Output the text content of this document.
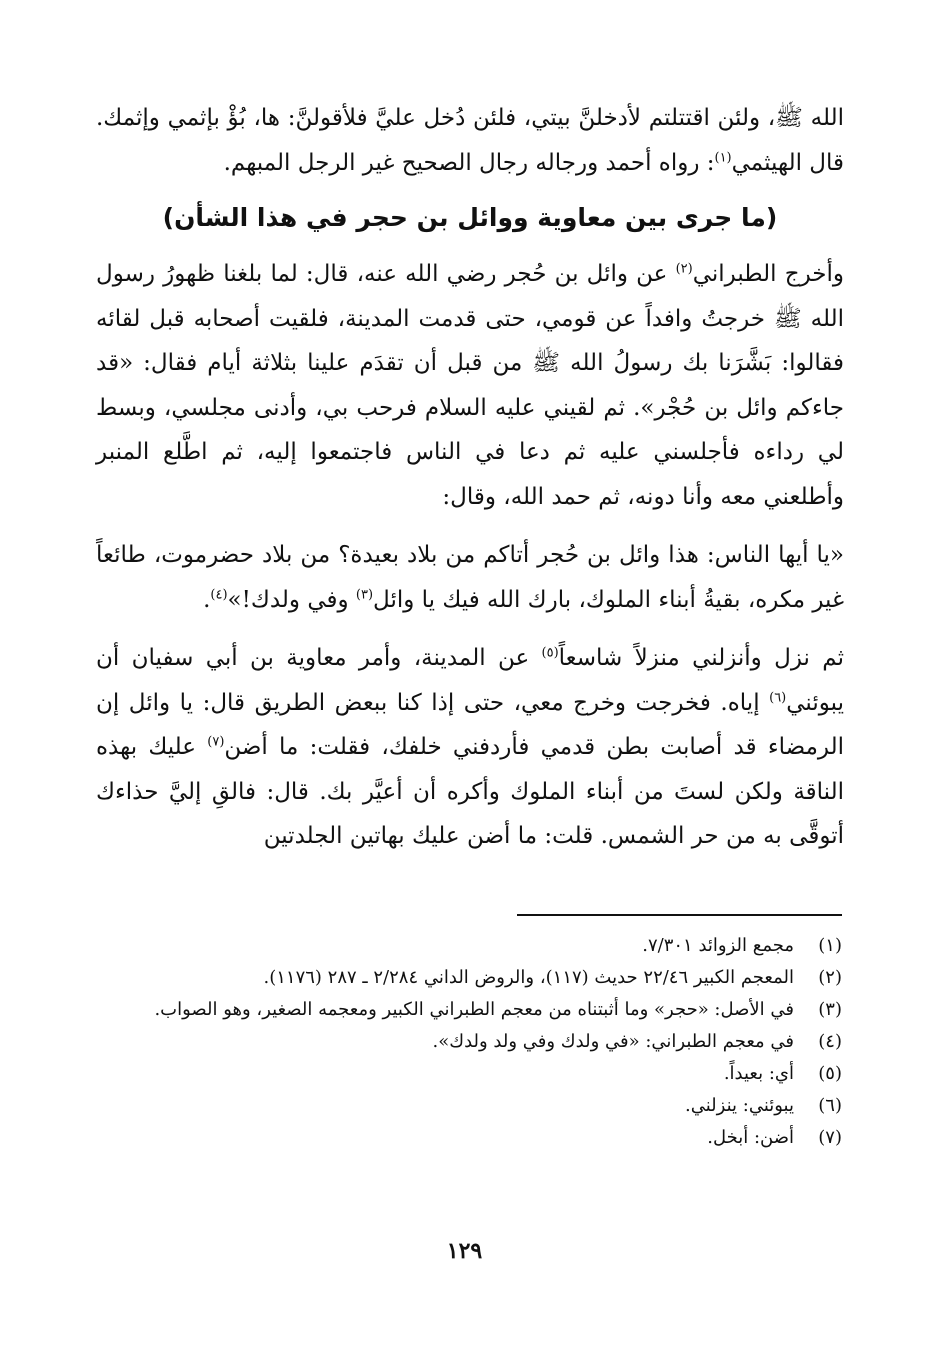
الله ﷺ، ولئن اقتتلتم لأدخلنَّ بيتي، فلئن دُخل عليَّ فلأقولنَّ: ها، بُؤْ بإثمي وإثمك. قال الهيثمي$^{(١)}$: رواه أحمد ورجاله رجال الصحيح غير الرجل المبهم.

(ما جرى بين معاوية ووائل بن حجر في هذا الشأن)

وأخرج الطبراني$^{(٢)}$ عن وائل بن حُجر رضي الله عنه، قال: لما بلغنا ظهورُ رسول الله ﷺ خرجتُ وافداً عن قومي، حتى قدمت المدينة، فلقيت أصحابه قبل لقائه فقالوا: بَشَّرَنا بك رسولُ الله ﷺ من قبل أن تقدَم علينا بثلاثة أيام فقال: «قد جاءكم وائل بن حُجْر». ثم لقيني عليه السلام فرحب بي، وأدنى مجلسي، وبسط لي رداءه فأجلسني عليه ثم دعا في الناس فاجتمعوا إليه، ثم اطَّلع المنبر وأطلعني معه وأنا دونه، ثم حمد الله، وقال:

«يا أيها الناس: هذا وائل بن حُجر أتاكم من بلاد بعيدة؟ من بلاد حضرموت، طائعاً غير مكره، بقيةُ أبناء الملوك، بارك الله فيك يا وائل$^{(٣)}$ وفي ولدك!»$^{(٤)}$.

ثم نزل وأنزلني منزلاً شاسعاً$^{(٥)}$ عن المدينة، وأمر معاوية بن أبي سفيان أن يبوئني$^{(٦)}$ إياه. فخرجت وخرج معي، حتى إذا كنا ببعض الطريق قال: يا وائل إن الرمضاء قد أصابت بطن قدمي فأردفني خلفك، فقلت: ما أضن$^{(٧)}$ عليك بهذه الناقة ولكن لستَ من أبناء الملوك وأكره أن أعيَّر بك. قال: فالقِ إليَّ حذاءك أتوقَّى به من حر الشمس. قلت: ما أضن عليك بهاتين الجلدتين

(١)
مجمع الزوائد ٧/٣٠١.
(٢)
المعجم الكبير ٢٢/٤٦ حديث (١١٧)، والروض الداني ٢/٢٨٤ ـ ٢٨٧ (١١٧٦).
(٣)
في الأصل: «حجر» وما أثبتناه من معجم الطبراني الكبير ومعجمه الصغير، وهو الصواب.
(٤)
في معجم الطبراني: «في ولدك وفي ولد ولدك».
(٥)
أي: بعيداً.
(٦)
يبوئني: ينزلني.
(٧)
أضن: أبخل.
١٢٩
